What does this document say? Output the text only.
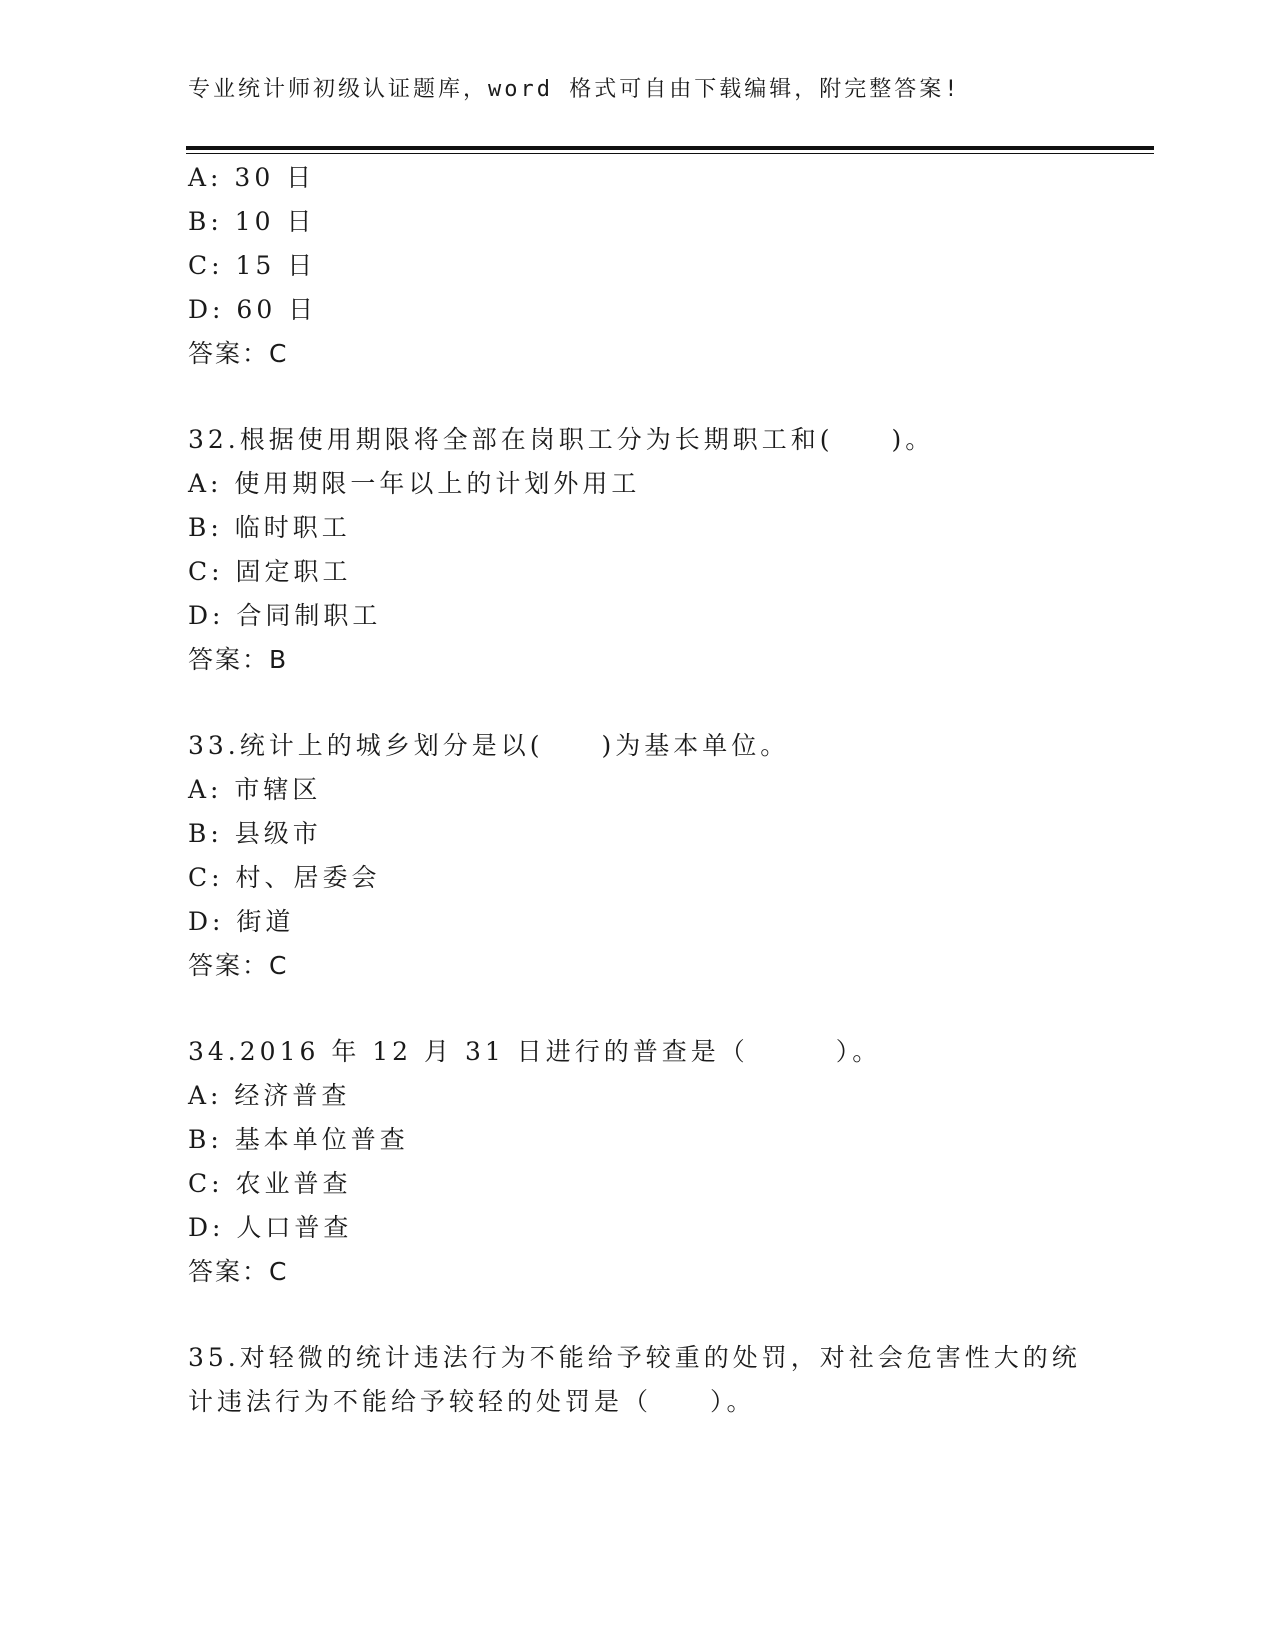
专业统计师初级认证题库，word 格式可自由下载编辑，附完整答案!
A: 30 日
B: 10 日
C: 15 日
D: 60 日
答案：C
32.根据使用期限将全部在岗职工分为长期职工和(　　)。
A: 使用期限一年以上的计划外用工
B: 临时职工
C: 固定职工
D: 合同制职工
答案：B
33.统计上的城乡划分是以(　　)为基本单位。
A: 市辖区
B: 县级市
C: 村、居委会
D: 街道
答案：C
34.2016 年 12 月 31 日进行的普查是（　　　）。
A: 经济普查
B: 基本单位普查
C: 农业普查
D: 人口普查
答案：C
35.对轻微的统计违法行为不能给予较重的处罚，对社会危害性大的统
计违法行为不能给予较轻的处罚是（　　）。
